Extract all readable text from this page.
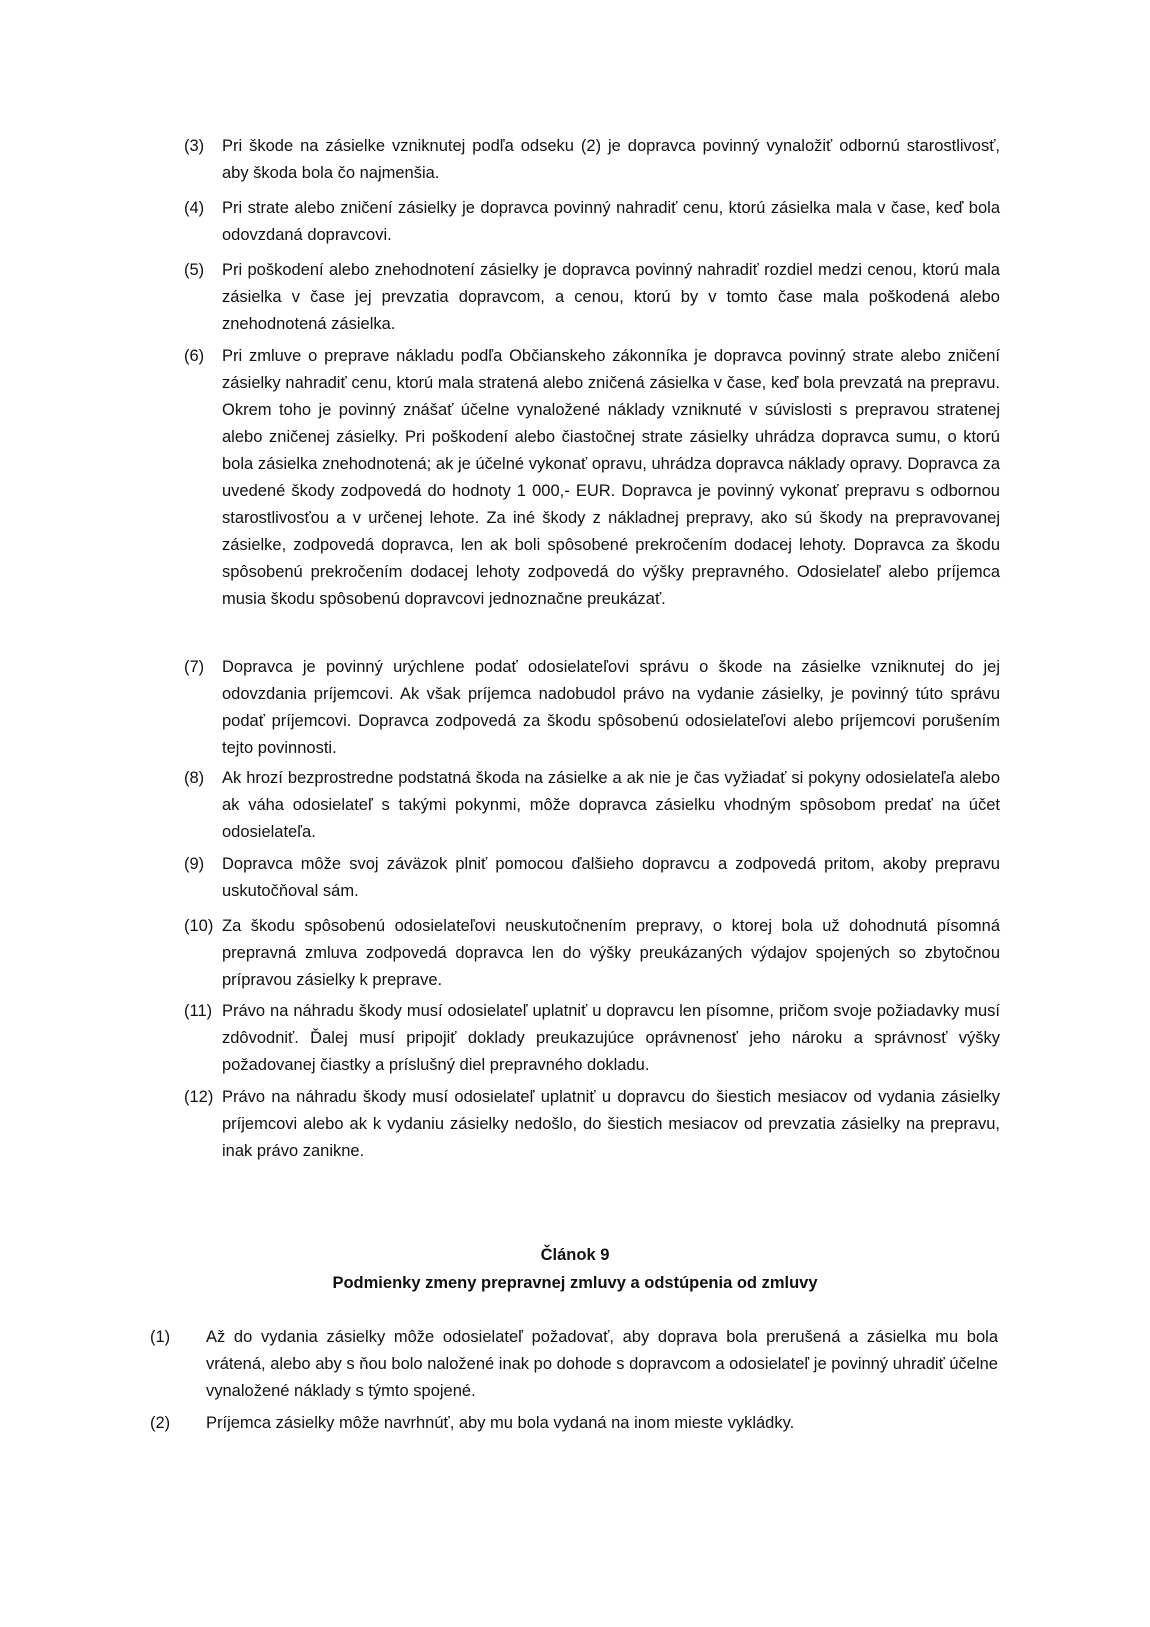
(3) Pri škode na zásielke vzniknutej podľa odseku (2) je dopravca povinný vynaložiť odbornú starostlivosť, aby škoda bola čo najmenšia.
(4) Pri strate alebo zničení zásielky je dopravca povinný nahradiť cenu, ktorú zásielka mala v čase, keď bola odovzdaná dopravcovi.
(5) Pri poškodení alebo znehodnotení zásielky je dopravca povinný nahradiť rozdiel medzi cenou, ktorú mala zásielka v čase jej prevzatia dopravcom, a cenou, ktorú by v tomto čase mala poškodená alebo znehodnotená zásielka.
(6) Pri zmluve o preprave nákladu podľa Občianskeho zákonníka je dopravca povinný strate alebo zničení zásielky nahradiť cenu, ktorú mala stratená alebo zničená zásielka v čase, keď bola prevzatá na prepravu. Okrem toho je povinný znášať účelne vynaložené náklady vzniknuté v súvislosti s prepravou stratenej alebo zničenej zásielky. Pri poškodení alebo čiastočnej strate zásielky uhrádza dopravca sumu, o ktorú bola zásielka znehodnotená; ak je účelné vykonať opravu, uhrádza dopravca náklady opravy. Dopravca za uvedené škody zodpovedá do hodnoty 1 000,- EUR. Dopravca je povinný vykonať prepravu s odbornou starostlivosťou a v určenej lehote. Za iné škody z nákladnej prepravy, ako sú škody na prepravovanej zásielke, zodpovedá dopravca, len ak boli spôsobené prekročením dodacej lehoty. Dopravca za škodu spôsobenú prekročením dodacej lehoty zodpovedá do výšky prepravného. Odosielateľ alebo príjemca musia škodu spôsobenú dopravcovi jednoznačne preukázať.
(7) Dopravca je povinný urýchlene podať odosielateľovi správu o škode na zásielke vzniknutej do jej odovzdania príjemcovi. Ak však príjemca nadobudol právo na vydanie zásielky, je povinný túto správu podať príjemcovi. Dopravca zodpovedá za škodu spôsobenú odosielateľovi alebo príjemcovi porušením tejto povinnosti.
(8) Ak hrozí bezprostredne podstatná škoda na zásielke a ak nie je čas vyžiadať si pokyny odosielateľa alebo ak váha odosielateľ s takými pokynmi, môže dopravca zásielku vhodným spôsobom predať na účet odosielateľa.
(9) Dopravca môže svoj záväzok plniť pomocou ďalšieho dopravcu a zodpovedá pritom, akoby prepravu uskutočňoval sám.
(10) Za škodu spôsobenú odosielateľovi neuskutočnením prepravy, o ktorej bola už dohodnutá písomná prepravná zmluva zodpovedá dopravca len do výšky preukázaných výdajov spojených so zbytočnou prípravou zásielky k preprave.
(11) Právo na náhradu škody musí odosielateľ uplatniť u dopravcu len písomne, pričom svoje požiadavky musí zdôvodniť. Ďalej musí pripojiť doklady preukazujúce oprávnenosť jeho nároku a správnosť výšky požadovanej čiastky a príslušný diel prepravného dokladu.
(12) Právo na náhradu škody musí odosielateľ uplatniť u dopravcu do šiestich mesiacov od vydania zásielky príjemcovi alebo ak k vydaniu zásielky nedošlo, do šiestich mesiacov od prevzatia zásielky na prepravu, inak právo zanikne.
Článok 9
Podmienky zmeny prepravnej zmluvy a odstúpenia od zmluvy
(1) Až do vydania zásielky môže odosielateľ požadovať, aby doprava bola prerušená a zásielka mu bola vrátená, alebo aby s ňou bolo naložené inak po dohode s dopravcom a odosielateľ je povinný uhradiť účelne vynaložené náklady s týmto spojené.
(2) Príjemca zásielky môže navrhnúť, aby mu bola vydaná na inom mieste vykládky.
